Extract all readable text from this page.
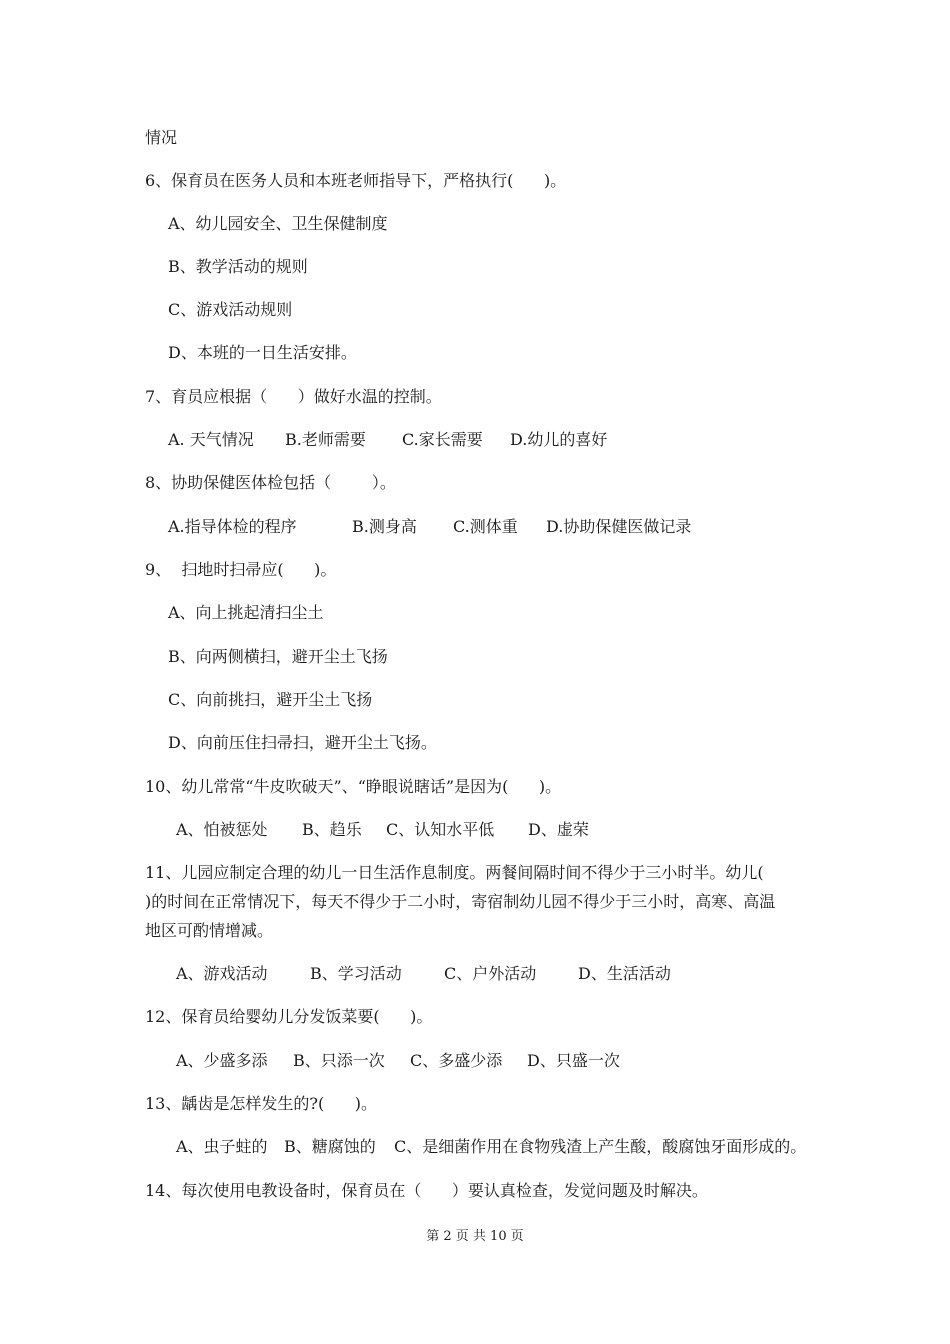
情况
6、保育员在医务人员和本班老师指导下，严格执行(      )。
A、幼儿园安全、卫生保健制度
B、教学活动的规则
C、游戏活动规则
D、本班的一日生活安排。
7、育员应根据（      ）做好水温的控制。
A. 天气情况	B.老师需要	C.家长需要	D.幼儿的喜好
8、协助保健医体检包括（        ）。
A.指导体检的程序	B.测身高	C.测体重	D.协助保健医做记录
9、  扫地时扫帚应(      )。
A、向上挑起清扫尘土
B、向两侧横扫，避开尘土飞扬
C、向前挑扫，避开尘土飞扬
D、向前压住扫帚扫，避开尘土飞扬。
10、幼儿常常“牛皮吹破天”、“睁眼说瞎话”是因为(      )。
A、怕被惩处	B、趋乐	C、认知水平低	D、虚荣
11、儿园应制定合理的幼儿一日生活作息制度。两餐间隔时间不得少于三小时半。幼儿(
)的时间在正常情况下，每天不得少于二小时，寄宿制幼儿园不得少于三小时，高寒、高温
地区可酌情增减。
A、游戏活动	B、学习活动	C、户外活动	D、生活活动
12、保育员给婴幼儿分发饭菜要(      )。
A、少盛多添	B、只添一次	C、多盛少添	D、只盛一次
13、龋齿是怎样发生的?(      )。
A、虫子蛀的	B、糖腐蚀的	C、是细菌作用在食物残渣上产生酸，酸腐蚀牙面形成的。
14、每次使用电教设备时，保育员在（      ）要认真检查，发觉问题及时解决。
第 2 页 共 10 页
